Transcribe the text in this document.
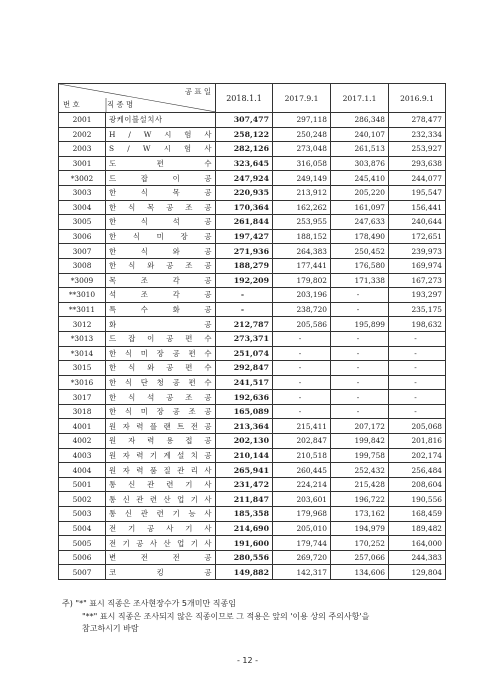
공 표 일
번 호 직 종 명		2018.1.1	2017.9.1	2017.1.1	2016.9.1
2001	광케이블설치사	307,477	297,118	286,348	278,477
2002	H / W 시 험 사	258,122	250,248	240,107	232,334
2003	S / W 시 험 사	282,126	273,048	261,513	253,927
3001	도 편 수	323,645	316,058	303,876	293,638
*3002	드 잡 이 공	247,924	249,149	245,410	244,077
3003	한 식 목 공	220,935	213,912	205,220	195,547
3004	한 식 목 공 조 공	170,364	162,262	161,097	156,441
3005	한 식 석 공	261,844	253,955	247,633	240,644
3006	한 식 미 장 공	197,427	188,152	178,490	172,651
3007	한 식 와 공	271,936	264,383	250,452	239,973
3008	한 식 와 공 조 공	188,279	177,441	176,580	169,974
*3009	목 조 각 공	192,209	179,802	171,338	167,273
**3010	석 조 각 공	-	203,196	-	193,297
**3011	특 수 화 공	-	238,720	-	235,175
3012	화 공	212,787	205,586	195,899	198,632
*3013	드 잡 이 공 편 수	273,371	-	-	-
*3014	한 식 미 장 공 편 수	251,074	-	-	-
3015	한 식 와 공 편 수	292,847	-	-	-
*3016	한 식 단 청 공 편 수	241,517	-	-	-
3017	한 식 석 공 조 공	192,636	-	-	-
3018	한 식 미 장 공 조 공	165,089	-	-	-
4001	원 자 력 플 랜 트 전 공	213,364	215,411	207,172	205,068
4002	원 자 력 용 접 공	202,130	202,847	199,842	201,816
4003	원 자 력 기 계 설 치 공	210,144	210,518	199,758	202,174
4004	원 자 력 품 질 관 리 사	265,941	260,445	252,432	256,484
5001	통 신 관 련 기 사	231,472	224,214	215,428	208,604
5002	통 신 관 련 산 업 기 사	211,847	203,601	196,722	190,556
5003	통 신 관 련 기 능 사	185,358	179,968	173,162	168,459
5004	전 기 공 사 기 사	214,690	205,010	194,979	189,482
5005	전 기 공 사 산 업 기 사	191,600	179,744	170,252	164,000
5006	변 전 전 공	280,556	269,720	257,066	244,383
5007	코 킹 공	149,882	142,317	134,606	129,804
주) "*" 표시 직종은 조사현장수가 5개미만 직종임
"**" 표시 직종은 조사되지 않은 직종이므로 그 적용은 앞의 '이용 상의 주의사항'을
참고하시기 바람
- 12 -
